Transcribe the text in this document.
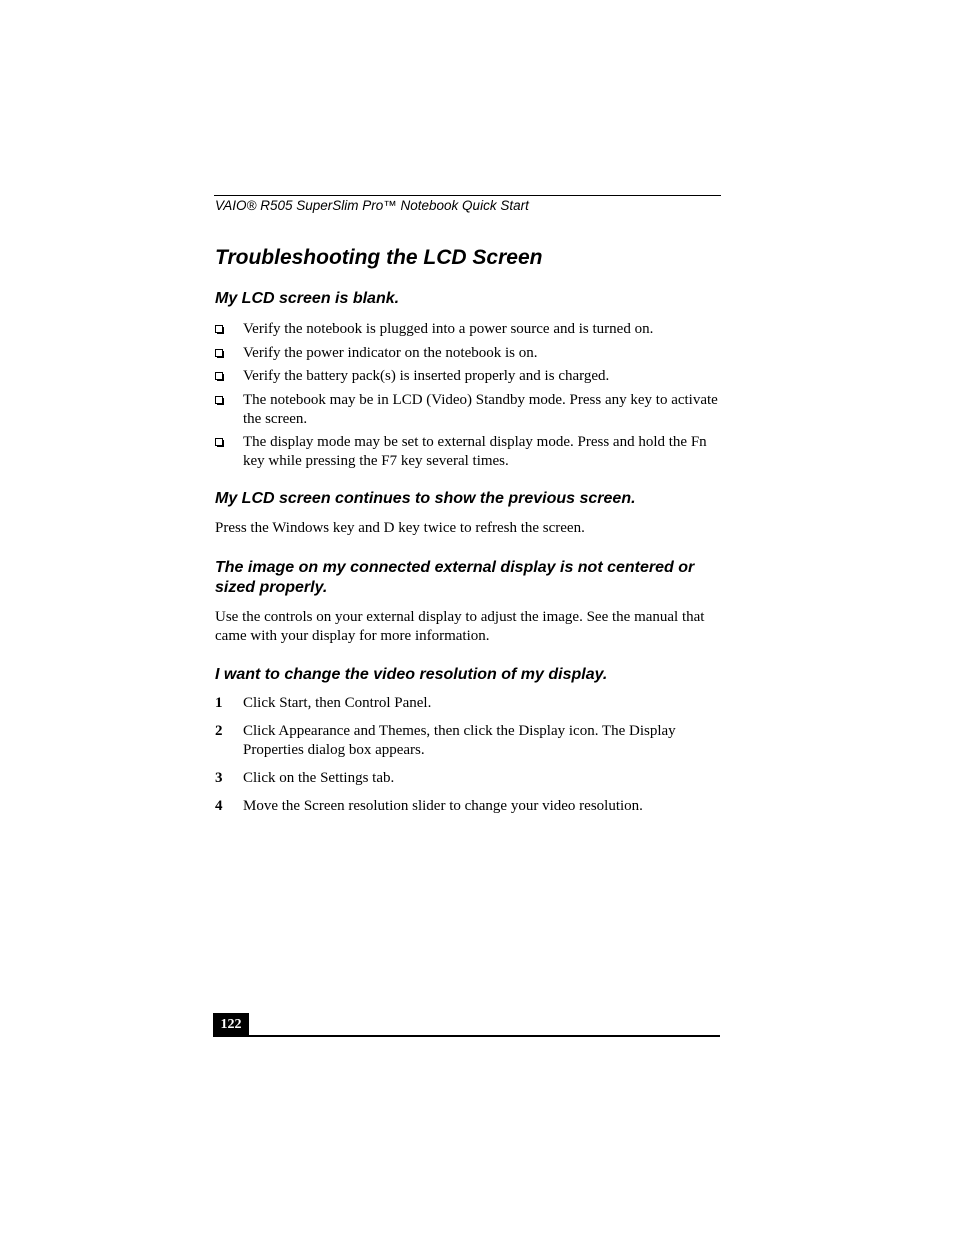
VAIO® R505 SuperSlim Pro™ Notebook Quick Start
Troubleshooting the LCD Screen
My LCD screen is blank.
Verify the notebook is plugged into a power source and is turned on.
Verify the power indicator on the notebook is on.
Verify the battery pack(s) is inserted properly and is charged.
The notebook may be in LCD (Video) Standby mode. Press any key to activate the screen.
The display mode may be set to external display mode. Press and hold the Fn key while pressing the F7 key several times.
My LCD screen continues to show the previous screen.

Press the Windows key and D key twice to refresh the screen.

The image on my connected external display is not centered or sized properly.

Use the controls on your external display to adjust the image. See the manual that came with your display for more information.

I want to change the video resolution of my display.
1 Click Start, then Control Panel.
2 Click Appearance and Themes, then click the Display icon. The Display Properties dialog box appears.
3 Click on the Settings tab.
4 Move the Screen resolution slider to change your video resolution.
122
